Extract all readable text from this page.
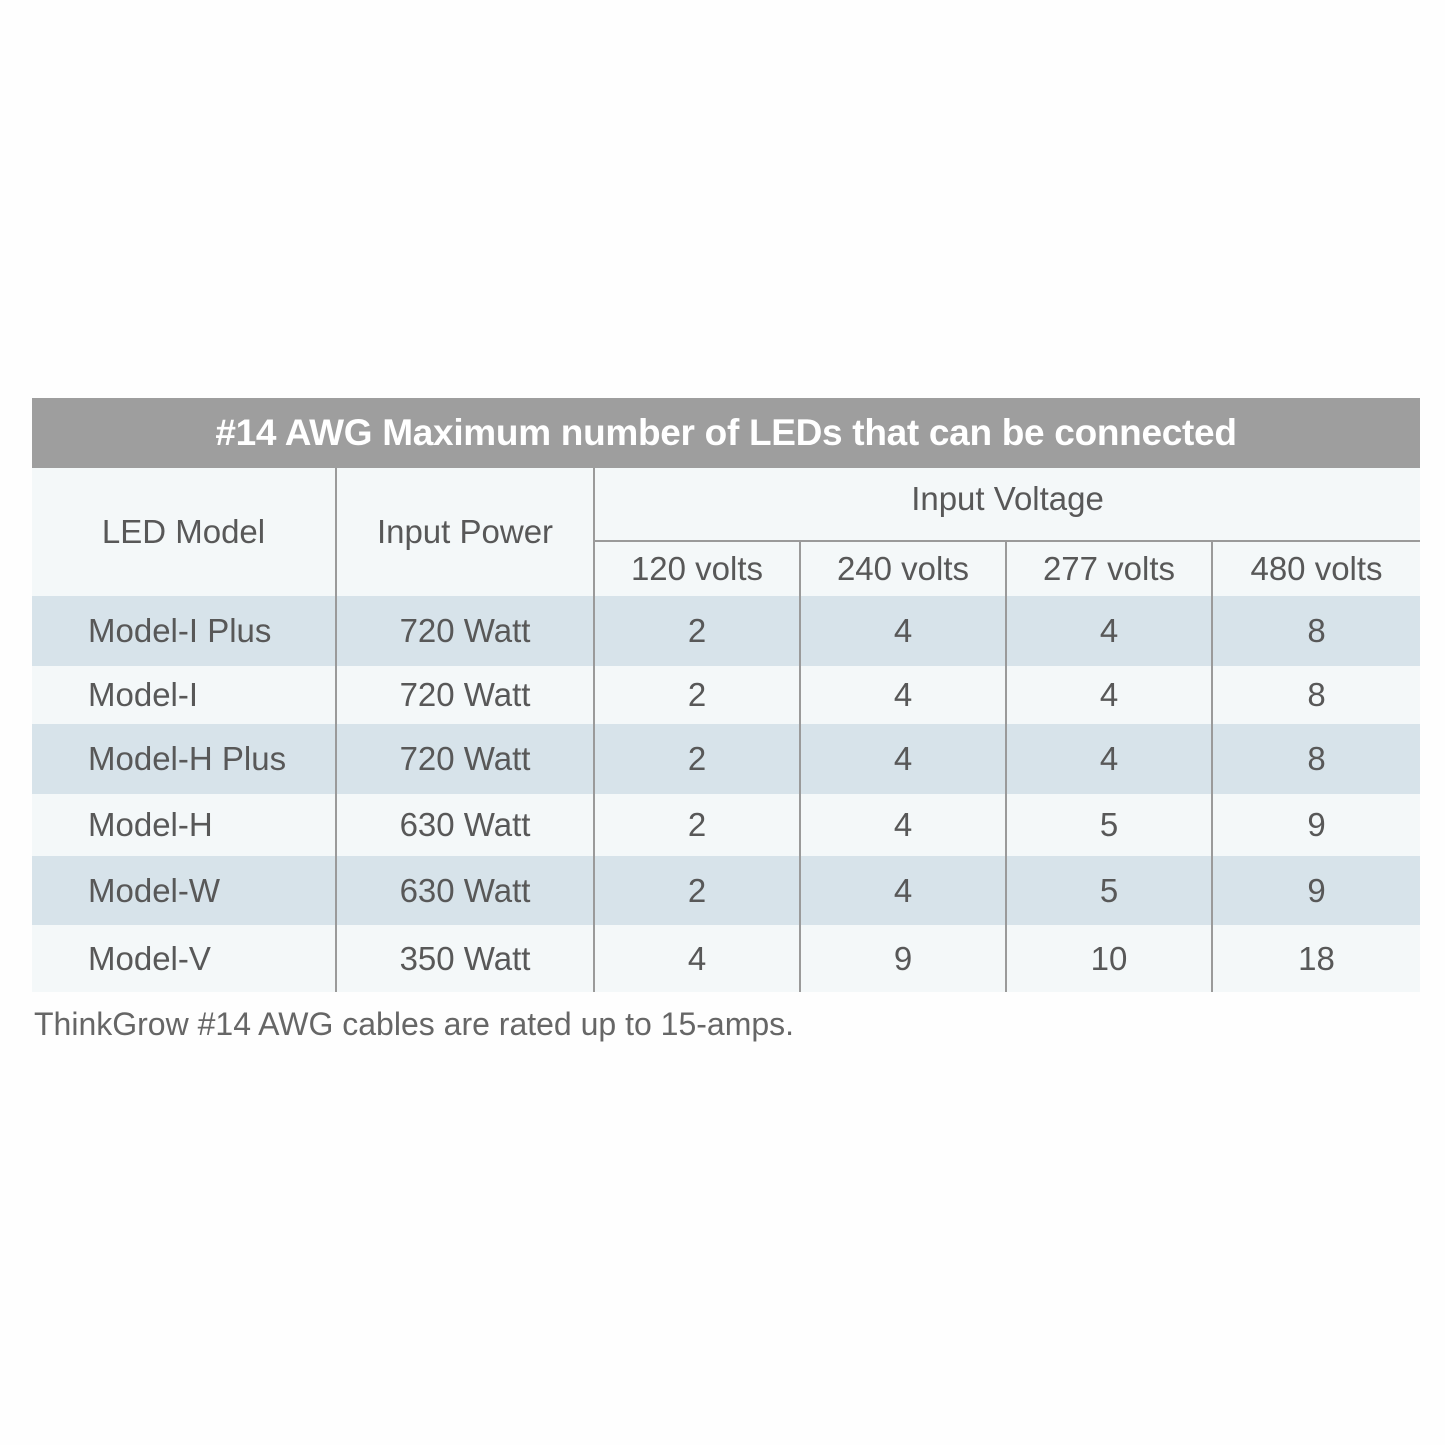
#14 AWG Maximum number of LEDs that can be connected
LED Model	Input Power	Input Voltage			
		120 volts	240 volts	277 volts	480 volts
Model-I Plus	720 Watt	2	4	4	8
Model-I	720 Watt	2	4	4	8
Model-H Plus	720 Watt	2	4	4	8
Model-H	630 Watt	2	4	5	9
Model-W	630 Watt	2	4	5	9
Model-V	350 Watt	4	9	10	18
ThinkGrow #14 AWG cables are rated up to 15-amps.
